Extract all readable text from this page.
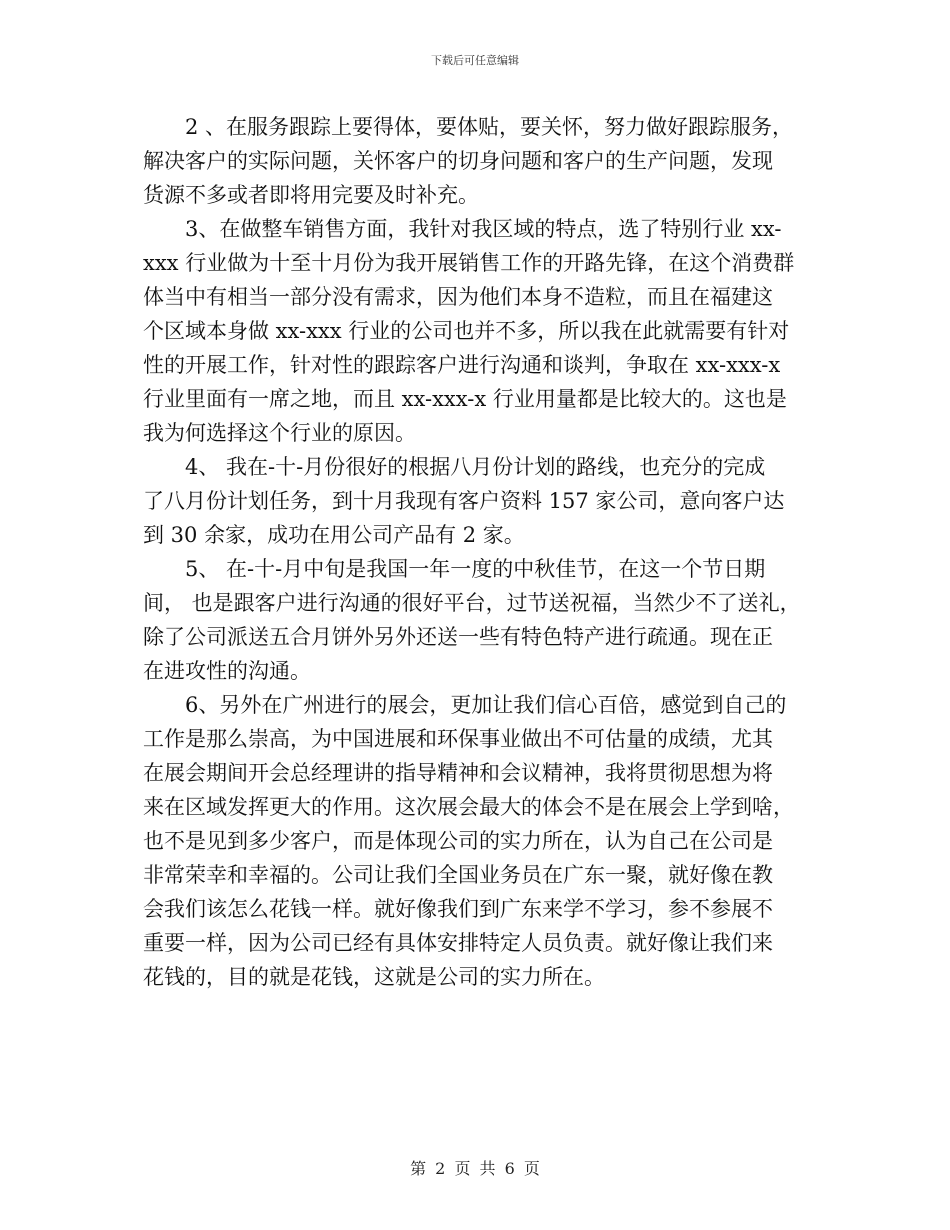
下载后可任意编辑
　　2 、在服务跟踪上要得体，要体贴，要关怀，努力做好跟踪服务，
解决客户的实际问题，关怀客户的切身问题和客户的生产问题，发现
货源不多或者即将用完要及时补充。
　　3、在做整车销售方面，我针对我区域的特点，选了特别行业 xx-
xxx 行业做为十至十月份为我开展销售工作的开路先锋，在这个消费群
体当中有相当一部分没有需求，因为他们本身不造粒，而且在福建这
个区域本身做 xx-xxx 行业的公司也并不多，所以我在此就需要有针对
性的开展工作，针对性的跟踪客户进行沟通和谈判，争取在 xx-xxx-x
行业里面有一席之地，而且 xx-xxx-x 行业用量都是比较大的。这也是
我为何选择这个行业的原因。
　　4、 我在-十-月份很好的根据八月份计划的路线，也充分的完成
了八月份计划任务，到十月我现有客户资料 157 家公司，意向客户达
到 30 余家，成功在用公司产品有 2 家。
　　5、 在-十-月中旬是我国一年一度的中秋佳节，在这一个节日期
间， 也是跟客户进行沟通的很好平台，过节送祝福，当然少不了送礼，
除了公司派送五合月饼外另外还送一些有特色特产进行疏通。现在正
在进攻性的沟通。
　　6、另外在广州进行的展会，更加让我们信心百倍，感觉到自己的
工作是那么崇高，为中国进展和环保事业做出不可估量的成绩，尤其
在展会期间开会总经理讲的指导精神和会议精神，我将贯彻思想为将
来在区域发挥更大的作用。这次展会最大的体会不是在展会上学到啥，
也不是见到多少客户，而是体现公司的实力所在，认为自己在公司是
非常荣幸和幸福的。公司让我们全国业务员在广东一聚，就好像在教
会我们该怎么花钱一样。就好像我们到广东来学不学习，参不参展不
重要一样，因为公司已经有具体安排特定人员负责。就好像让我们来
花钱的，目的就是花钱，这就是公司的实力所在。
第 2 页 共 6 页
